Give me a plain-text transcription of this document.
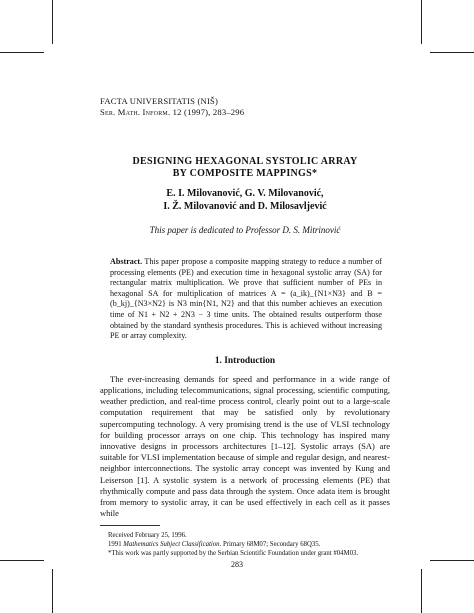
FACTA UNIVERSITATIS (NIŠ)
Ser. Math. Inform. 12 (1997), 283–296
DESIGNING HEXAGONAL SYSTOLIC ARRAY
BY COMPOSITE MAPPINGS*
E. I. Milovanović, G. V. Milovanović,
I. Ž. Milovanović and D. Milosavljević
This paper is dedicated to Professor D. S. Mitrinović
Abstract. This paper propose a composite mapping strategy to reduce a number of processing elements (PE) and execution time in hexagonal systolic array (SA) for rectangular matrix multiplication. We prove that sufficient number of PEs in hexagonal SA for multiplication of matrices A = (a_ik)_{N1×N3} and B = (b_kj)_{N3×N2} is N3 min{N1, N2} and that this number achieves an execution time of N1 + N2 + 2N3 − 3 time units. The obtained results outperform those obtained by the standard synthesis procedures. This is achieved without increasing PE or array complexity.
1. Introduction

The ever-increasing demands for speed and performance in a wide range of applications, including telecommunications, signal processing, scientific computing, weather prediction, and real-time process control, clearly point out to a large-scale computation requirement that may be satisfied only by revolutionary supercomputing technology. A very promising trend is the use of VLSI technology for building processor arrays on one chip. This technology has inspired many innovative designs in processors architectures [1–12]. Systolic arrays (SA) are suitable for VLSI implementation because of simple and regular design, and nearest-neighbor interconnections. The systolic array concept was invented by Kung and Leiserson [1]. A systolic system is a network of processing elements (PE) that rhythmically compute and pass data through the system. Once adata item is brought from memory to systolic array, it can be used effectively in each cell as it passes while

Received February 25, 1996.
1991 Mathematics Subject Classification. Primary 68M07; Secondary 68Q35.
*This work was partly supported by the Serbian Scientific Foundation under grant #04M03.
283
